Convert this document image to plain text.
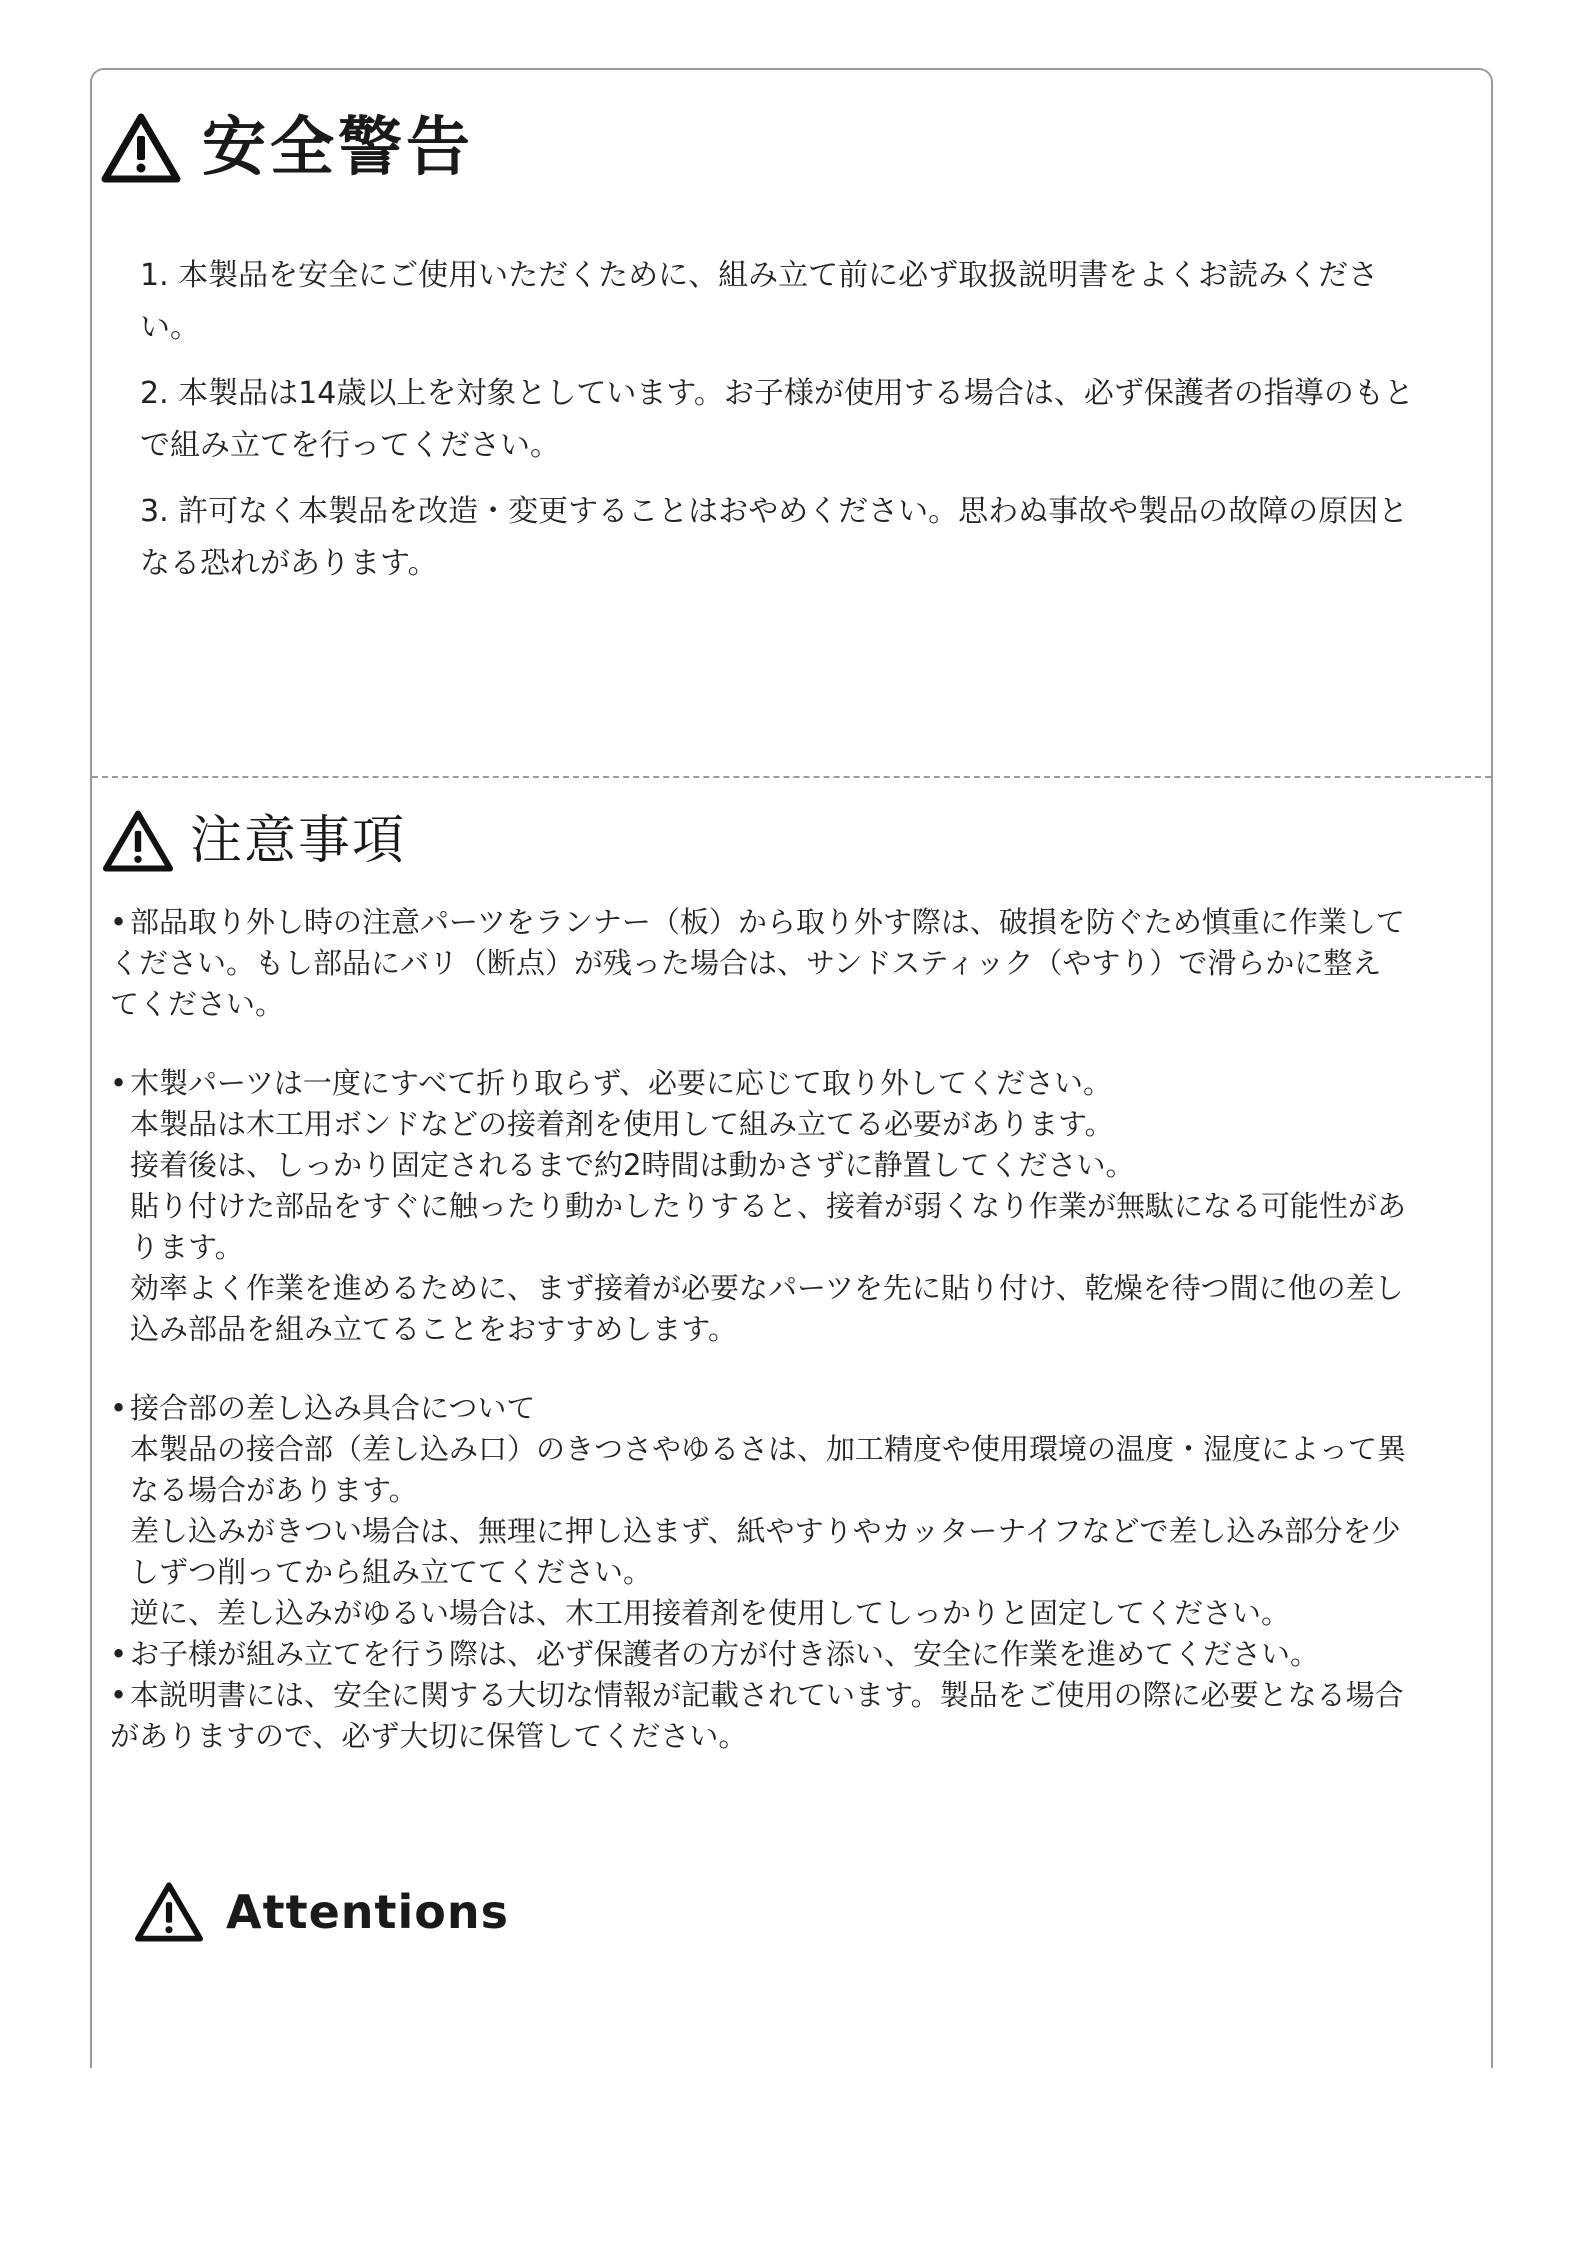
安全警告
1. 本製品を安全にご使用いただくために、組み立て前に必ず取扱説明書をよくお読みください。
2. 本製品は14歳以上を対象としています。お子様が使用する場合は、必ず保護者の指導のもとで組み立てを行ってください。
3. 許可なく本製品を改造・変更することはおやめください。思わぬ事故や製品の故障の原因となる恐れがあります。
注意事項
• 部品取り外し時の注意パーツをランナー（板）から取り外す際は、破損を防ぐため慎重に作業してください。もし部品にバリ（断点）が残った場合は、サンドスティック（やすり）で滑らかに整えてください。
• 木製パーツは一度にすべて折り取らず、必要に応じて取り外してください。
本製品は木工用ボンドなどの接着剤を使用して組み立てる必要があります。
接着後は、しっかり固定されるまで約2時間は動かさずに静置してください。
貼り付けた部品をすぐに触ったり動かしたりすると、接着が弱くなり作業が無駄になる可能性があります。
効率よく作業を進めるために、まず接着が必要なパーツを先に貼り付け、乾燥を待つ間に他の差し込み部品を組み立てることをおすすめします。
• 接合部の差し込み具合について
本製品の接合部（差し込み口）のきつさやゆるさは、加工精度や使用環境の温度・湿度によって異なる場合があります。
差し込みがきつい場合は、無理に押し込まず、紙やすりやカッターナイフなどで差し込み部分を少しずつ削ってから組み立ててください。
逆に、差し込みがゆるい場合は、木工用接着剤を使用してしっかりと固定してください。
• お子様が組み立てを行う際は、必ず保護者の方が付き添い、安全に作業を進めてください。
• 本説明書には、安全に関する大切な情報が記載されています。製品をご使用の際に必要となる場合がありますので、必ず大切に保管してください。
Attentions
